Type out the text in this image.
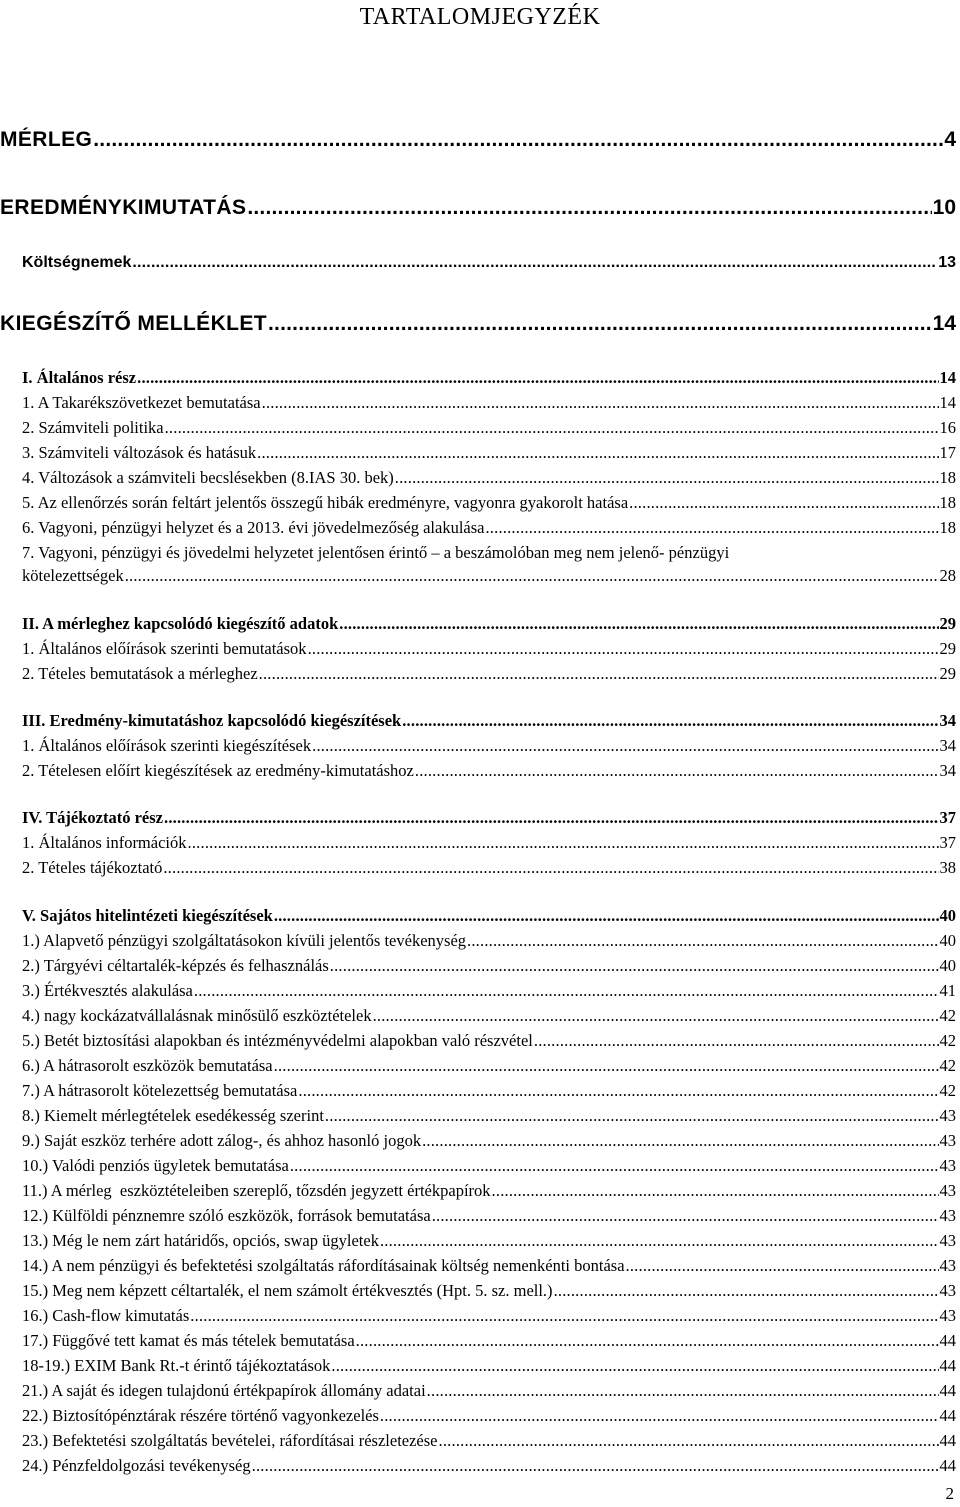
TARTALOMJEGYZÉK
MÉRLEG .....	4
EREDMÉNYKIMUTATÁS .....	10
Költségnemek .....	13
KIEGÉSZÍTŐ MELLÉKLET .....	14
I. Általános rész .....	14
1. A Takarékszövetkezet bemutatása .....	14
2. Számviteli politika .....	16
3. Számviteli változások és hatásuk .....	17
4. Változások a számviteli becslésekben (8.IAS 30. bek) .....	18
5. Az ellenőrzés során feltárt jelentős összegű hibák eredményre, vagyonra gyakorolt hatása .....	18
6. Vagyoni, pénzügyi helyzet és a 2013. évi jövedelmezőség alakulása .....	18
7. Vagyoni, pénzügyi és jövedelmi helyzetet jelentősen érintő – a beszámolóban meg nem jelenő- pénzügyi
kötelezettségek .....	28
II. A mérleghez kapcsolódó kiegészítő adatok .....	29
1. Általános előírások szerinti bemutatások .....	29
2. Tételes bemutatások a mérleghez .....	29
III. Eredmény-kimutatáshoz kapcsolódó kiegészítések .....	34
1. Általános előírások szerinti kiegészítések .....	34
2. Tételesen előírt kiegészítések az eredmény-kimutatáshoz .....	34
IV. Tájékoztató rész .....	37
1. Általános információk .....	37
2. Tételes tájékoztató .....	38
V. Sajátos hitelintézeti kiegészítések .....	40
1.) Alapvető pénzügyi szolgáltatásokon kívüli jelentős tevékenység .....	40
2.) Tárgyévi céltartalék-képzés és felhasználás .....	40
3.) Értékvesztés alakulása .....	41
4.) nagy kockázatvállalásnak minősülő eszköztételek .....	42
5.) Betét biztosítási alapokban és intézményvédelmi alapokban való részvétel .....	42
6.) A hátrasorolt eszközök bemutatása .....	42
7.) A hátrasorolt kötelezettség bemutatása .....	42
8.) Kiemelt mérlegtételek esedékesség szerint .....	43
9.) Saját eszköz terhére adott zálog-, és ahhoz hasonló jogok .....	43
10.) Valódi penziós ügyletek bemutatása .....	43
11.) A mérleg  eszköztételeiben szereplő, tőzsdén jegyzett értékpapírok .....	43
12.) Külföldi pénznemre szóló eszközök, források bemutatása .....	43
13.) Még le nem zárt határidős, opciós, swap ügyletek .....	43
14.) A nem pénzügyi és befektetési szolgáltatás ráfordításainak költség nemenkénti bontása .....	43
15.) Meg nem képzett céltartalék, el nem számolt értékvesztés (Hpt. 5. sz. mell.) .....	43
16.) Cash-flow kimutatás .....	43
17.) Függővé tett kamat és más tételek bemutatása .....	44
18-19.) EXIM Bank Rt.-t érintő tájékoztatások .....	44
21.) A saját és idegen tulajdonú értékpapírok állomány adatai .....	44
22.) Biztosítópénztárak részére történő vagyonkezelés .....	44
23.) Befektetési szolgáltatás bevételei, ráfordításai részletezése .....	44
24.) Pénzfeldolgozási tevékenység .....	44
2
